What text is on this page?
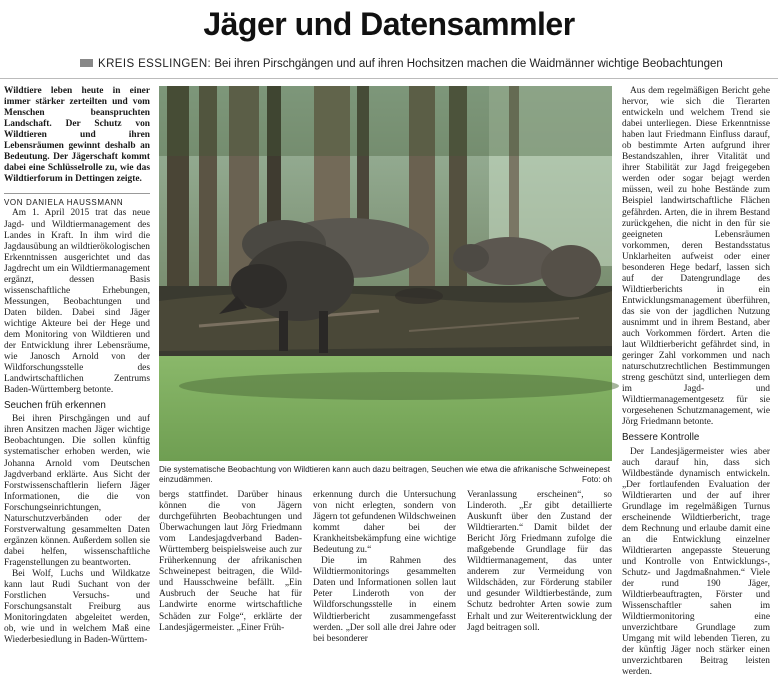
Jäger und Datensammler
KREIS ESSLINGEN: Bei ihren Pirschgängen und auf ihren Hochsitzen machen die Waidmänner wichtige Beobachtungen

Wildtiere leben heute in einer immer stärker zerteilten und vom Menschen beanspruchten Landschaft. Der Schutz von Wildtieren und ihren Lebensräumen gewinnt deshalb an Bedeutung. Der Jägerschaft kommt dabei eine Schlüsselrolle zu, wie das Wildtierforum in Dettingen zeigte.

VON DANIELA HAUSSMANN

Am 1. April 2015 trat das neue Jagd- und Wildtiermanagement des Landes in Kraft. In ihm wird die Jagdausübung an wildtierökologischen Erkenntnissen ausgerichtet und das Jagdrecht um ein Wildtiermanagement ergänzt, dessen Basis wissenschaftliche Erhebungen, Messungen, Beobachtungen und Daten bilden. Dabei sind Jäger wichtige Akteure bei der Hege und dem Monitoring von Wildtieren und der Entwicklung ihrer Lebensräume, wie Janosch Arnold von der Wildforschungsstelle des Landwirtschaftlichen Zentrums Baden-Württemberg betonte.

Seuchen früh erkennen

Bei ihren Pirschgängen und auf ihren Ansitzen machen Jäger wichtige Beobachtungen. Die sollen künftig systematischer erhoben werden, wie Johanna Arnold vom Deutschen Jagdverband erklärte. Aus Sicht der Forstwissenschaftlerin liefern Jäger Informationen, die die von Forschungseinrichtungen, Naturschutzverbänden oder der Forstverwaltung gesammelten Daten ergänzen können. Außerdem sollen sie dabei helfen, wissenschaftliche Fragenstellungen zu beantworten.

Bei Wolf, Luchs und Wildkatze kann laut Rudi Suchant von der Forstlichen Versuchs- und Forschungsanstalt Freiburg aus Monitoringdaten abgeleitet werden, ob, wie und in welchem Maß eine Wiederbesiedlung in Baden-Württem-

Die systematische Beobachtung von Wildtieren kann auch dazu beitragen, Seuchen wie etwa die afrikanische Schweinepest einzudämmen.	Foto: oh

bergs stattfindet. Darüber hinaus können die von Jägern durchgeführten Beobachtungen und Überwachungen laut Jörg Friedmann vom Landesjagdverband Baden-Württemberg beispielsweise auch zur Früherkennung der afrikanischen Schweinepest beitragen, die Wild- und Hausschweine befällt. „Ein Ausbruch der Seuche hat für Landwirte enorme wirtschaftliche Schäden zur Folge“, erklärte der Landesjägermeister. „Einer Früh-

erkennung durch die Untersuchung von nicht erlegten, sondern von Jägern tot gefundenen Wildschweinen kommt daher bei der Krankheitsbekämpfung eine wichtige Bedeutung zu.“

Die im Rahmen des Wildtiermonitorings gesammelten Daten und Informationen sollen laut Peter Linderoth von der Wildforschungsstelle in einem Wildtierbericht zusammengefasst werden. „Der soll alle drei Jahre oder bei besonderer

Veranlassung erscheinen“, so Linderoth. „Er gibt detaillierte Auskunft über den Zustand der Wildtierarten.“ Damit bildet der Bericht Jörg Friedmann zufolge die maßgebende Grundlage für das Wildtiermanagement, das unter anderem zur Vermeidung von Wildschäden, zur Förderung stabiler und gesunder Wildtierbestände, zum Schutz bedrohter Arten sowie zum Erhalt und zur Weiterentwicklung der Jagd beitragen soll.

Aus dem regelmäßigen Bericht gehe hervor, wie sich die Tierarten entwickeln und welchem Trend sie dabei unterliegen. Diese Erkenntnisse haben laut Friedmann Einfluss darauf, ob bestimmte Arten aufgrund ihrer Bestandszahlen, ihrer Vitalität und ihrer Stabilität zur Jagd freigegeben werden oder sogar bejagt werden müssen, weil zu hohe Bestände zum Beispiel landwirtschaftliche Flächen gefährden. Arten, die in ihrem Bestand zurückgehen, die nicht in den für sie geeigneten Lebensräumen vorkommen, deren Bestandsstatus Unklarheiten aufweist oder einer besonderen Hege bedarf, lassen sich auf der Datengrundlage des Wildtierberichts in ein Entwicklungsmanagement überführen, das sie von der jagdlichen Nutzung ausnimmt und in ihrem Bestand, aber auch Vorkommen fördert. Arten die laut Wildtierbericht gefährdet sind, in geringer Zahl vorkommen und nach naturschutzrechtlichen Bestimmungen streng geschützt sind, unterliegen dem im Jagd- und Wildtiermanagementgesetz für sie vorgesehenen Schutzmanagement, wie Jörg Friedmann betonte.

Bessere Kontrolle

Der Landesjägermeister wies aber auch darauf hin, dass sich Wildbestände dynamisch entwickeln. „Der fortlaufenden Evaluation der Wildtierarten und der auf ihrer Grundlage im regelmäßigen Turnus erscheinende Wildtierbericht, trage dem Rechnung und erlaube damit eine an die Entwicklung einzelner Wildtierarten angepasste Steuerung und Kontrolle von Entwicklungs-, Schutz- und Jagdmaßnahmen.“ Viele der rund 190 Jäger, Wildtierbeauftragten, Förster und Wissenschaftler sahen im Wildtiermonitoring eine unverzichtbare Grundlage zum Umgang mit wild lebenden Tieren, zu der künftig Jäger noch stärker einen unverzichtbaren Beitrag leisten werden.
